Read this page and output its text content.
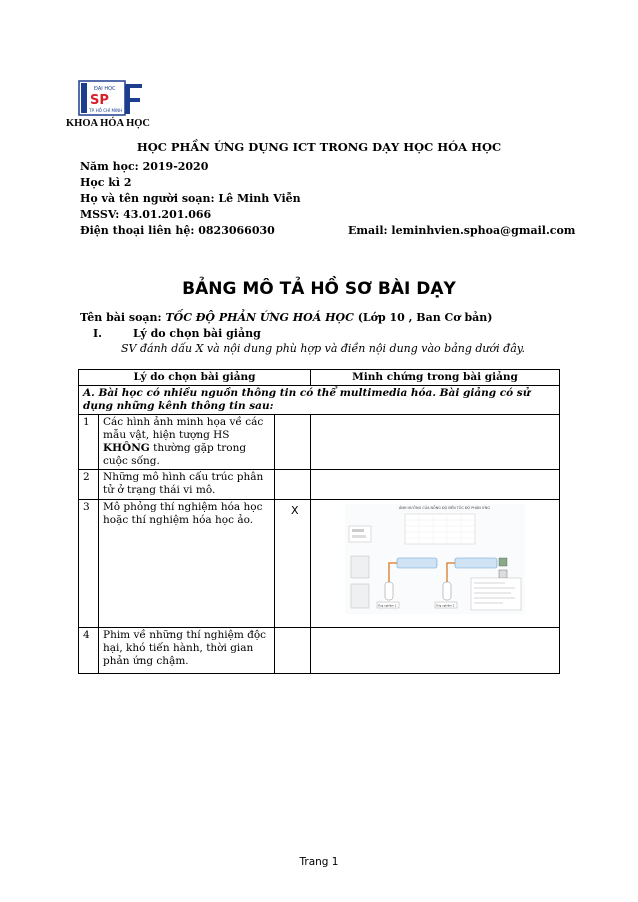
ĐẠI HỌC
SP
TP. HỒ CHÍ MINH
KHOA HÓA HỌC
HỌC PHẦN ỨNG DỤNG ICT TRONG DẠY HỌC HÓA HỌC
Năm học: 2019-2020
Học kì 2
Họ và tên người soạn: Lê Minh Viễn
MSSV: 43.01.201.066
Điện thoại liên hệ: 0823066030	Email: leminhvien.sphoa@gmail.com
BẢNG MÔ TẢ HỒ SƠ BÀI DẠY
Tên bài soạn: TỐC ĐỘ PHẢN ỨNG HOÁ HỌC (Lớp 10 , Ban Cơ bản)
I.	Lý do chọn bài giảng
SV đánh dấu X và nội dung phù hợp và điền nội dung vào bảng dưới đây.
Lý do chọn bài giảng			Minh chứng trong bài giảng
A. Bài học có nhiều nguồn thông tin có thể multimedia hóa. Bài giảng có sử dụng những kênh thông tin sau:			
1	Các hình ảnh minh họa về các mẫu vật, hiện tượng HS KHÔNG thường gặp trong cuộc sống.		
2	Những mô hình cấu trúc phân tử ở trạng thái vi mô.		
3	Mô phỏng thí nghiệm hóa học hoặc thí nghiệm hóa học ảo.	X	ẢNH HƯỞNG CỦA NỒNG ĐỘ ĐẾN TỐC ĐỘ PHẢN ỨNG
Ống nghiệm 1 Ống nghiệm 2

4	Phim về những thí nghiệm độc hại, khó tiến hành, thời gian phản ứng chậm.		
Trang 1
